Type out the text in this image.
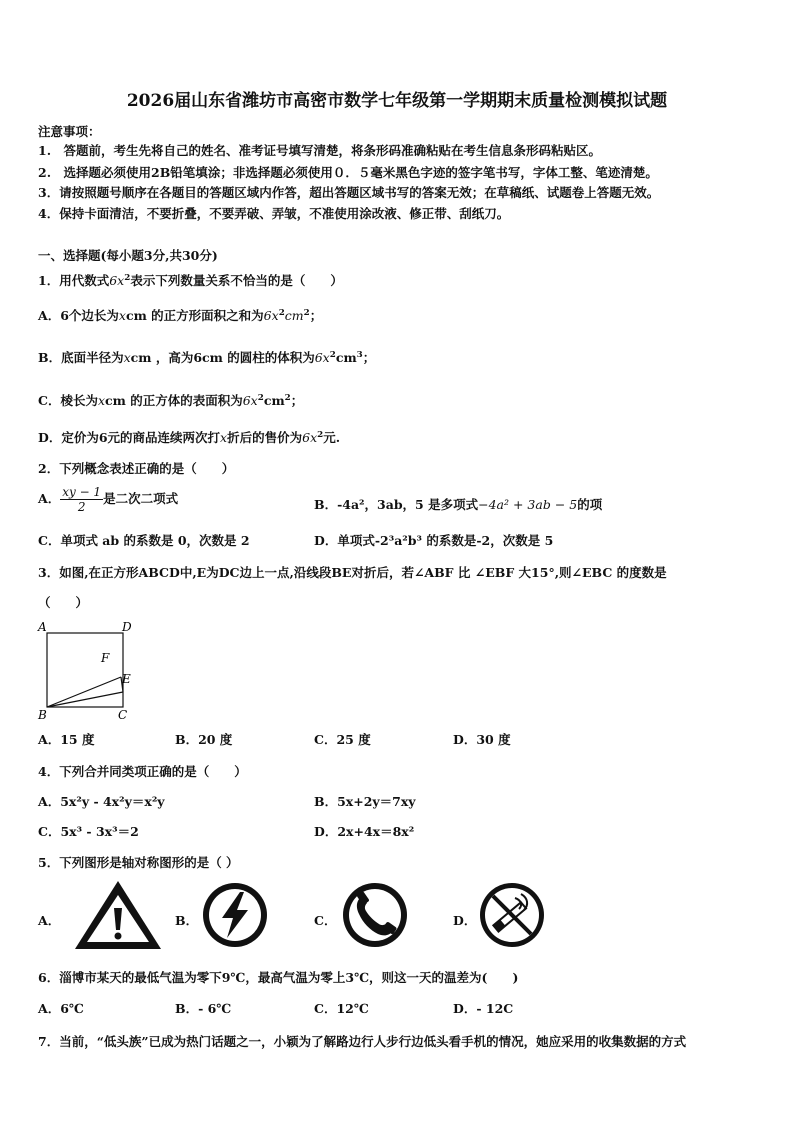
2026届山东省潍坊市高密市数学七年级第一学期期末质量检测模拟试题
注意事项：
1.　答题前，考生先将自己的姓名、准考证号填写清楚，将条形码准确粘贴在考生信息条形码粘贴区。
2.　选择题必须使用2B铅笔填涂；非选择题必须使用０．５毫米黑色字迹的签字笔书写，字体工整、笔迹清楚。
3．请按照题号顺序在各题目的答题区域内作答，超出答题区域书写的答案无效；在草稿纸、试题卷上答题无效。
4．保持卡面清洁，不要折叠，不要弄破、弄皱，不准使用涂改液、修正带、刮纸刀。
一、选择题(每小题3分,共30分)
1．用代数式$6x^2$表示下列数量关系不恰当的是（　　）
A．6个边长为xcm 的正方形面积之和为$6x^2cm^2$；
B．底面半径为xcm ，高为6cm 的圆柱的体积为$6x^2cm^3$；
C．棱长为xcm 的正方体的表面积为$6x^2cm^2$；
D．定价为6元的商品连续两次打x折后的售价为$6x^2$元.
2．下列概念表述正确的是（　　）
A． $\frac{xy - 1}{2}$ 是二次二项式	B．-4a²，3ab，5 是多项式−4a² + 3ab − 5的项
C．单项式 ab 的系数是 0，次数是 2	D．单项式-2³a²b³ 的系数是-2，次数是 5
3．如图,在正方形ABCD中,E为DC边上一点,沿线段BE对折后，若∠ABF 比 ∠EBF 大15°,则∠EBC 的度数是
（　　）
A	D
F
E
B	C
A．15 度	B．20 度	C．25 度	D．30 度
4．下列合并同类项正确的是（　　）
A．5x²y - 4x²y＝x²y	B．5x+2y＝7xy
C．5x³ - 3x³＝2	D．2x+4x＝8x²
5．下列图形是轴对称图形的是（ ）
A．	B．	C．	D．
6．淄博市某天的最低气温为零下9℃，最高气温为零上3℃，则这一天的温差为(　　)
A．6℃	B．- 6℃	C．12℃	D．- 12C
7．当前，“低头族”已成为热门话题之一，小颖为了解路边行人步行边低头看手机的情况，她应采用的收集数据的方式
